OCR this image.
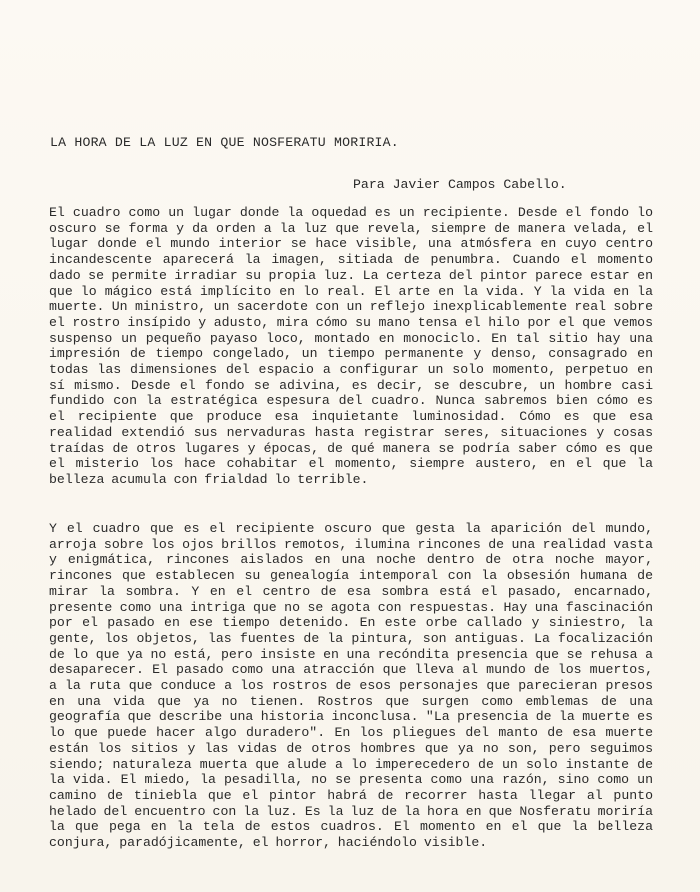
LA HORA DE LA LUZ EN QUE NOSFERATU MORIRIA.
Para Javier Campos Cabello.

El cuadro como un lugar donde la oquedad es un recipiente. Desde el fondo lo oscuro se forma y da orden a la luz que revela, siempre de manera velada, el lugar donde el mundo interior se hace visible, una atmósfera en cuyo centro incandescente aparecerá la imagen, sitiada de penumbra. Cuando el momento dado se permite irradiar su propia luz. La certeza del pintor parece estar en que lo mágico está implícito en lo real. El arte en la vida. Y la vida en la muerte. Un ministro, un sacerdote con un reflejo inexplicablemente real sobre el rostro insípido y adusto, mira cómo su mano tensa el hilo por el que vemos suspenso un pequeño payaso loco, montado en monociclo. En tal sitio hay una impresión de tiempo congelado, un tiempo permanente y denso, consagrado en todas las dimensiones del espacio a configurar un solo momento, perpetuo en sí mismo. Desde el fondo se adivina, es decir, se descubre, un hombre casi fundido con la estratégica espesura del cuadro. Nunca sabremos bien cómo es el recipiente que produce esa inquietante luminosidad. Cómo es que esa realidad extendió sus nervaduras hasta registrar seres, situaciones y cosas traídas de otros lugares y épocas, de qué manera se podría saber cómo es que el misterio los hace cohabitar el momento, siempre austero, en el que la belleza acumula con frialdad lo terrible.

Y el cuadro que es el recipiente oscuro que gesta la aparición del mundo, arroja sobre los ojos brillos remotos, ilumina rincones de una realidad vasta y enigmática, rincones aislados en una noche dentro de otra noche mayor, rincones que establecen su genealogía intemporal con la obsesión humana de mirar la sombra. Y en el centro de esa sombra está el pasado, encarnado, presente como una intriga que no se agota con respuestas. Hay una fascinación por el pasado en ese tiempo detenido. En este orbe callado y siniestro, la gente, los objetos, las fuentes de la pintura, son antiguas. La focalización de lo que ya no está, pero insiste en una recóndita presencia que se rehusa a desaparecer. El pasado como una atracción que lleva al mundo de los muertos, a la ruta que conduce a los rostros de esos personajes que parecieran presos en una vida que ya no tienen. Rostros que surgen como emblemas de una geografía que describe una historia inconclusa. "La presencia de la muerte es lo que puede hacer algo duradero". En los pliegues del manto de esa muerte están los sitios y las vidas de otros hombres que ya no son, pero seguimos siendo; naturaleza muerta que alude a lo imperecedero de un solo instante de la vida. El miedo, la pesadilla, no se presenta como una razón, sino como un camino de tiniebla que el pintor habrá de recorrer hasta llegar al punto helado del encuentro con la luz. Es la luz de la hora en que Nosferatu moriría la que pega en la tela de estos cuadros. El momento en el que la belleza conjura, paradójicamente, el horror, haciéndolo visible.
